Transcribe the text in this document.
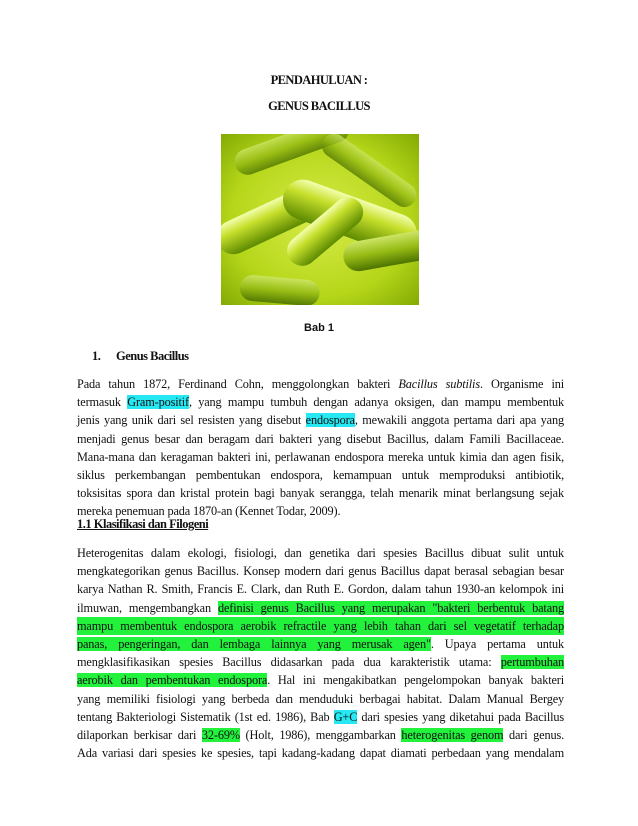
PENDAHULUAN :
GENUS BACILLUS
Bab 1
1. Genus Bacillus
Pada tahun 1872, Ferdinand Cohn, menggolongkan bakteri Bacillus subtilis. Organisme ini
termasuk Gram-positif, yang mampu tumbuh dengan adanya oksigen, dan mampu membentuk
jenis yang unik dari sel resisten yang disebut endospora, mewakili anggota pertama dari apa yang
menjadi genus besar dan beragam dari bakteri yang disebut Bacillus, dalam Famili Bacillaceae.
Mana-mana dan keragaman bakteri ini, perlawanan endospora mereka untuk kimia dan agen fisik,
siklus perkembangan pembentukan endospora, kemampuan untuk memproduksi antibiotik,
toksisitas spora dan kristal protein bagi banyak serangga, telah menarik minat berlangsung sejak
mereka penemuan pada 1870-an (Kennet Todar, 2009).
1.1 Klasifikasi dan Filogeni
Heterogenitas dalam ekologi, fisiologi, dan genetika dari spesies Bacillus dibuat sulit untuk
mengkategorikan genus Bacillus. Konsep modern dari genus Bacillus dapat berasal sebagian besar
karya Nathan R. Smith, Francis E. Clark, dan Ruth E. Gordon, dalam tahun 1930-an kelompok ini
ilmuwan, mengembangkan definisi genus Bacillus yang merupakan "bakteri berbentuk batang
mampu membentuk endospora aerobik refractile yang lebih tahan dari sel vegetatif terhadap
panas, pengeringan, dan lembaga lainnya yang merusak agen". Upaya pertama untuk
mengklasifikasikan spesies Bacillus didasarkan pada dua karakteristik utama: pertumbuhan
aerobik dan pembentukan endospora. Hal ini mengakibatkan pengelompokan banyak bakteri
yang memiliki fisiologi yang berbeda dan menduduki berbagai habitat. Dalam Manual Bergey
tentang Bakteriologi Sistematik (1st ed. 1986), Bab G+C dari spesies yang diketahui pada Bacillus
dilaporkan berkisar dari 32-69% (Holt, 1986), menggambarkan heterogenitas genom dari genus.
Ada variasi dari spesies ke spesies, tapi kadang-kadang dapat diamati perbedaan yang mendalam
